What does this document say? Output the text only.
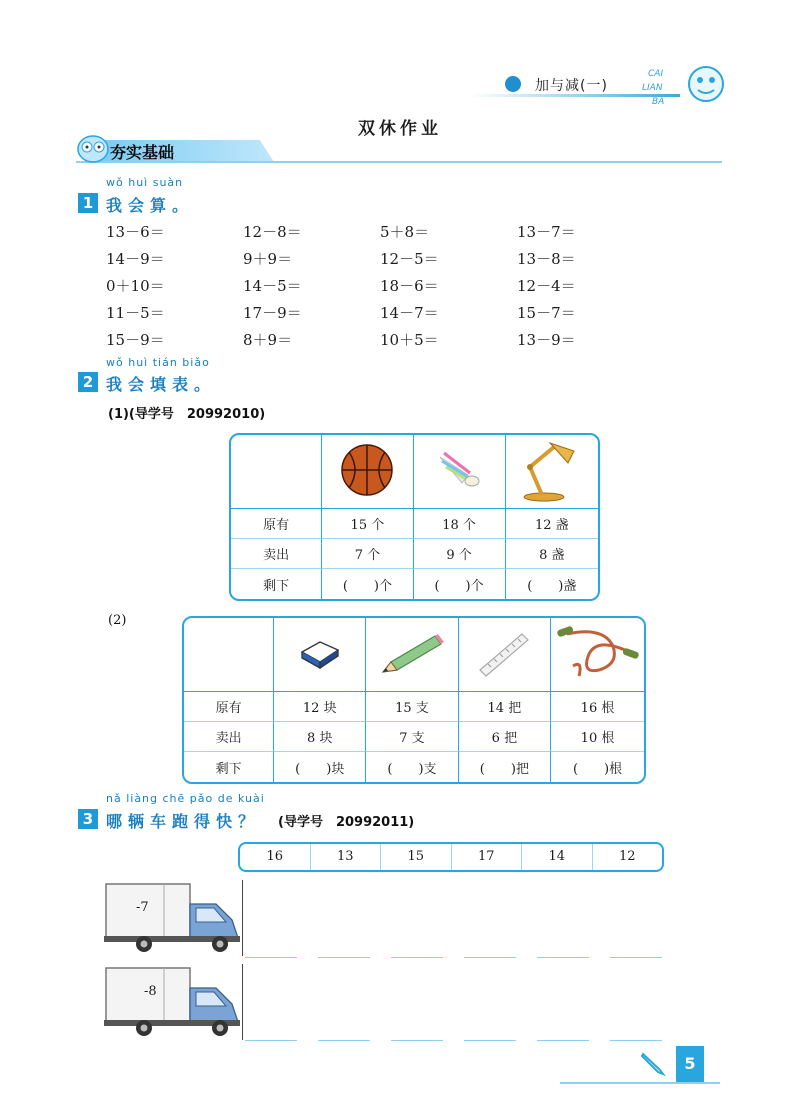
加与减(一)
CAI
LIAN
BA
双休作业
夯实基础
wǒ huì suàn
1 我会算。
13－6＝	12－8＝	5＋8＝	13－7＝
14－9＝	9＋9＝	12－5＝	13－8＝
0＋10＝	14－5＝	18－6＝	12－4＝
11－5＝	17－9＝	14－7＝	15－7＝
15－9＝	8＋9＝	10＋5＝	13－9＝
wǒ huì tián biǎo
2 我会填表。
(1)(导学号　20992010)

原有	15 个	18 个	12 盏
卖出	7 个	9 个	8 盏
剩下	(　　)个	(　　)个	(　　)盏
(2)

原有	12 块	15 支	14 把	16 根
卖出	8 块	7 支	6 把	10 根
剩下	(　　)块	(　　)支	(　　)把	(　　)根
nǎ liàng chē pǎo de kuài
3 哪辆车跑得快？ (导学号　20992011)
16	13	15	17	14	12
-7
-8
5
